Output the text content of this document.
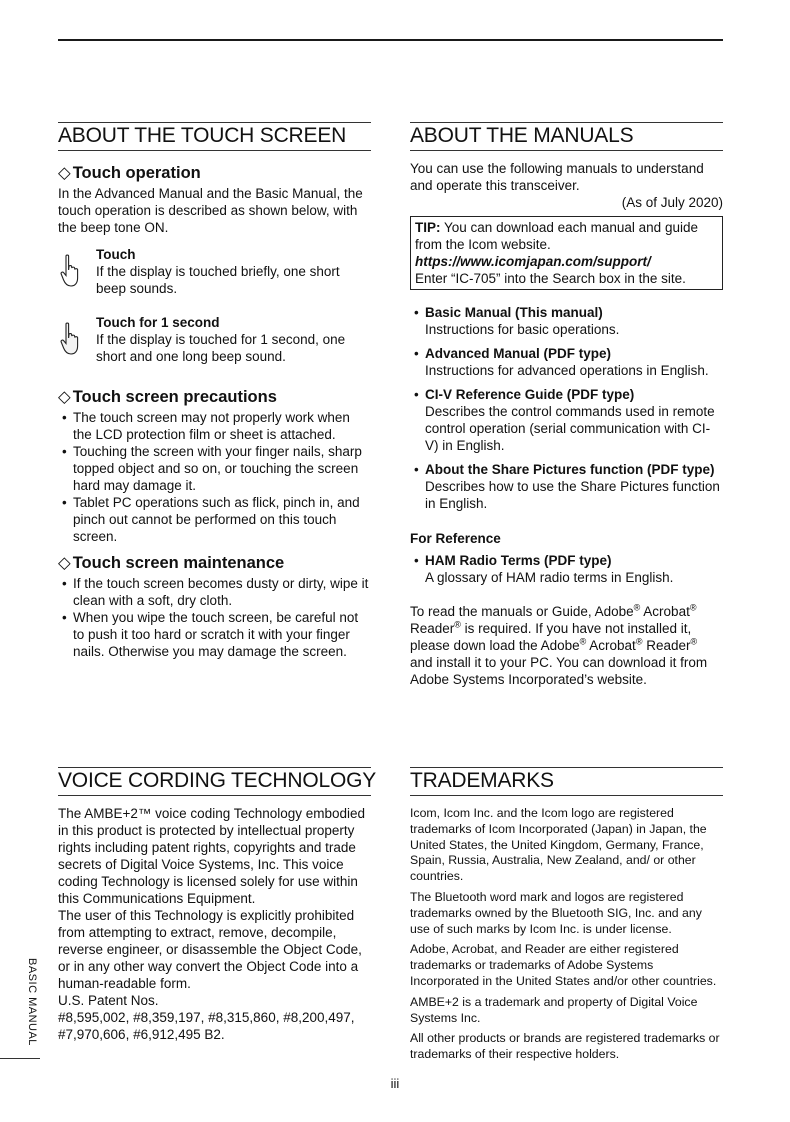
ABOUT THE TOUCH SCREEN
◇ Touch operation

In the Advanced Manual and the Basic Manual, the touch operation is described as shown below, with the beep tone ON.

Touch

If the display is touched briefly, one short beep sounds.

Touch for 1 second

If the display is touched for 1 second, one short and one long beep sound.

◇ Touch screen precautions
• The touch screen may not properly work when the LCD protection film or sheet is attached.
• Touching the screen with your finger nails, sharp topped object and so on, or touching the screen hard may damage it.
• Tablet PC operations such as flick, pinch in, and pinch out cannot be performed on this touch screen.
◇ Touch screen maintenance
• If the touch screen becomes dusty or dirty, wipe it clean with a soft, dry cloth.
• When you wipe the touch screen, be careful not to push it too hard or scratch it with your finger nails. Otherwise you may damage the screen.
ABOUT THE MANUALS

You can use the following manuals to understand and operate this transceiver.

(As of July 2020)

TIP: You can download each manual and guide from the Icom website.

https://www.icomjapan.com/support/

Enter “IC-705” into the Search box in the site.

• Basic Manual (This manual)
Instructions for basic operations.
• Advanced Manual (PDF type)
Instructions for advanced operations in English.
• CI-V Reference Guide (PDF type)
Describes the control commands used in remote control operation (serial communication with CI-V) in English.
• About the Share Pictures function (PDF type)
Describes how to use the Share Pictures function in English.

For Reference

• HAM Radio Terms (PDF type)
A glossary of HAM radio terms in English.

To read the manuals or Guide, Adobe® Acrobat® Reader® is required. If you have not installed it, please down load the Adobe® Acrobat® Reader® and install it to your PC. You can download it from Adobe Systems Incorporated’s website.

VOICE CORDING TECHNOLOGY

The AMBE+2™ voice coding Technology embodied in this product is protected by intellectual property rights including patent rights, copyrights and trade secrets of Digital Voice Systems, Inc. This voice coding Technology is licensed solely for use within this Communications Equipment.

The user of this Technology is explicitly prohibited from attempting to extract, remove, decompile, reverse engineer, or disassemble the Object Code, or in any other way convert the Object Code into a human-readable form.

U.S. Patent Nos.

#8,595,002, #8,359,197, #8,315,860, #8,200,497, #7,970,606, #6,912,495 B2.

TRADEMARKS

Icom, Icom Inc. and the Icom logo are registered trademarks of Icom Incorporated (Japan) in Japan, the United States, the United Kingdom, Germany, France, Spain, Russia, Australia, New Zealand, and/ or other countries.

The Bluetooth word mark and logos are registered trademarks owned by the Bluetooth SIG, Inc. and any use of such marks by Icom Inc. is under license.

Adobe, Acrobat, and Reader are either registered trademarks or trademarks of Adobe Systems Incorporated in the United States and/or other countries.

AMBE+2 is a trademark and property of Digital Voice Systems Inc.

All other products or brands are registered trademarks or trademarks of their respective holders.

BASIC MANUAL
iii
